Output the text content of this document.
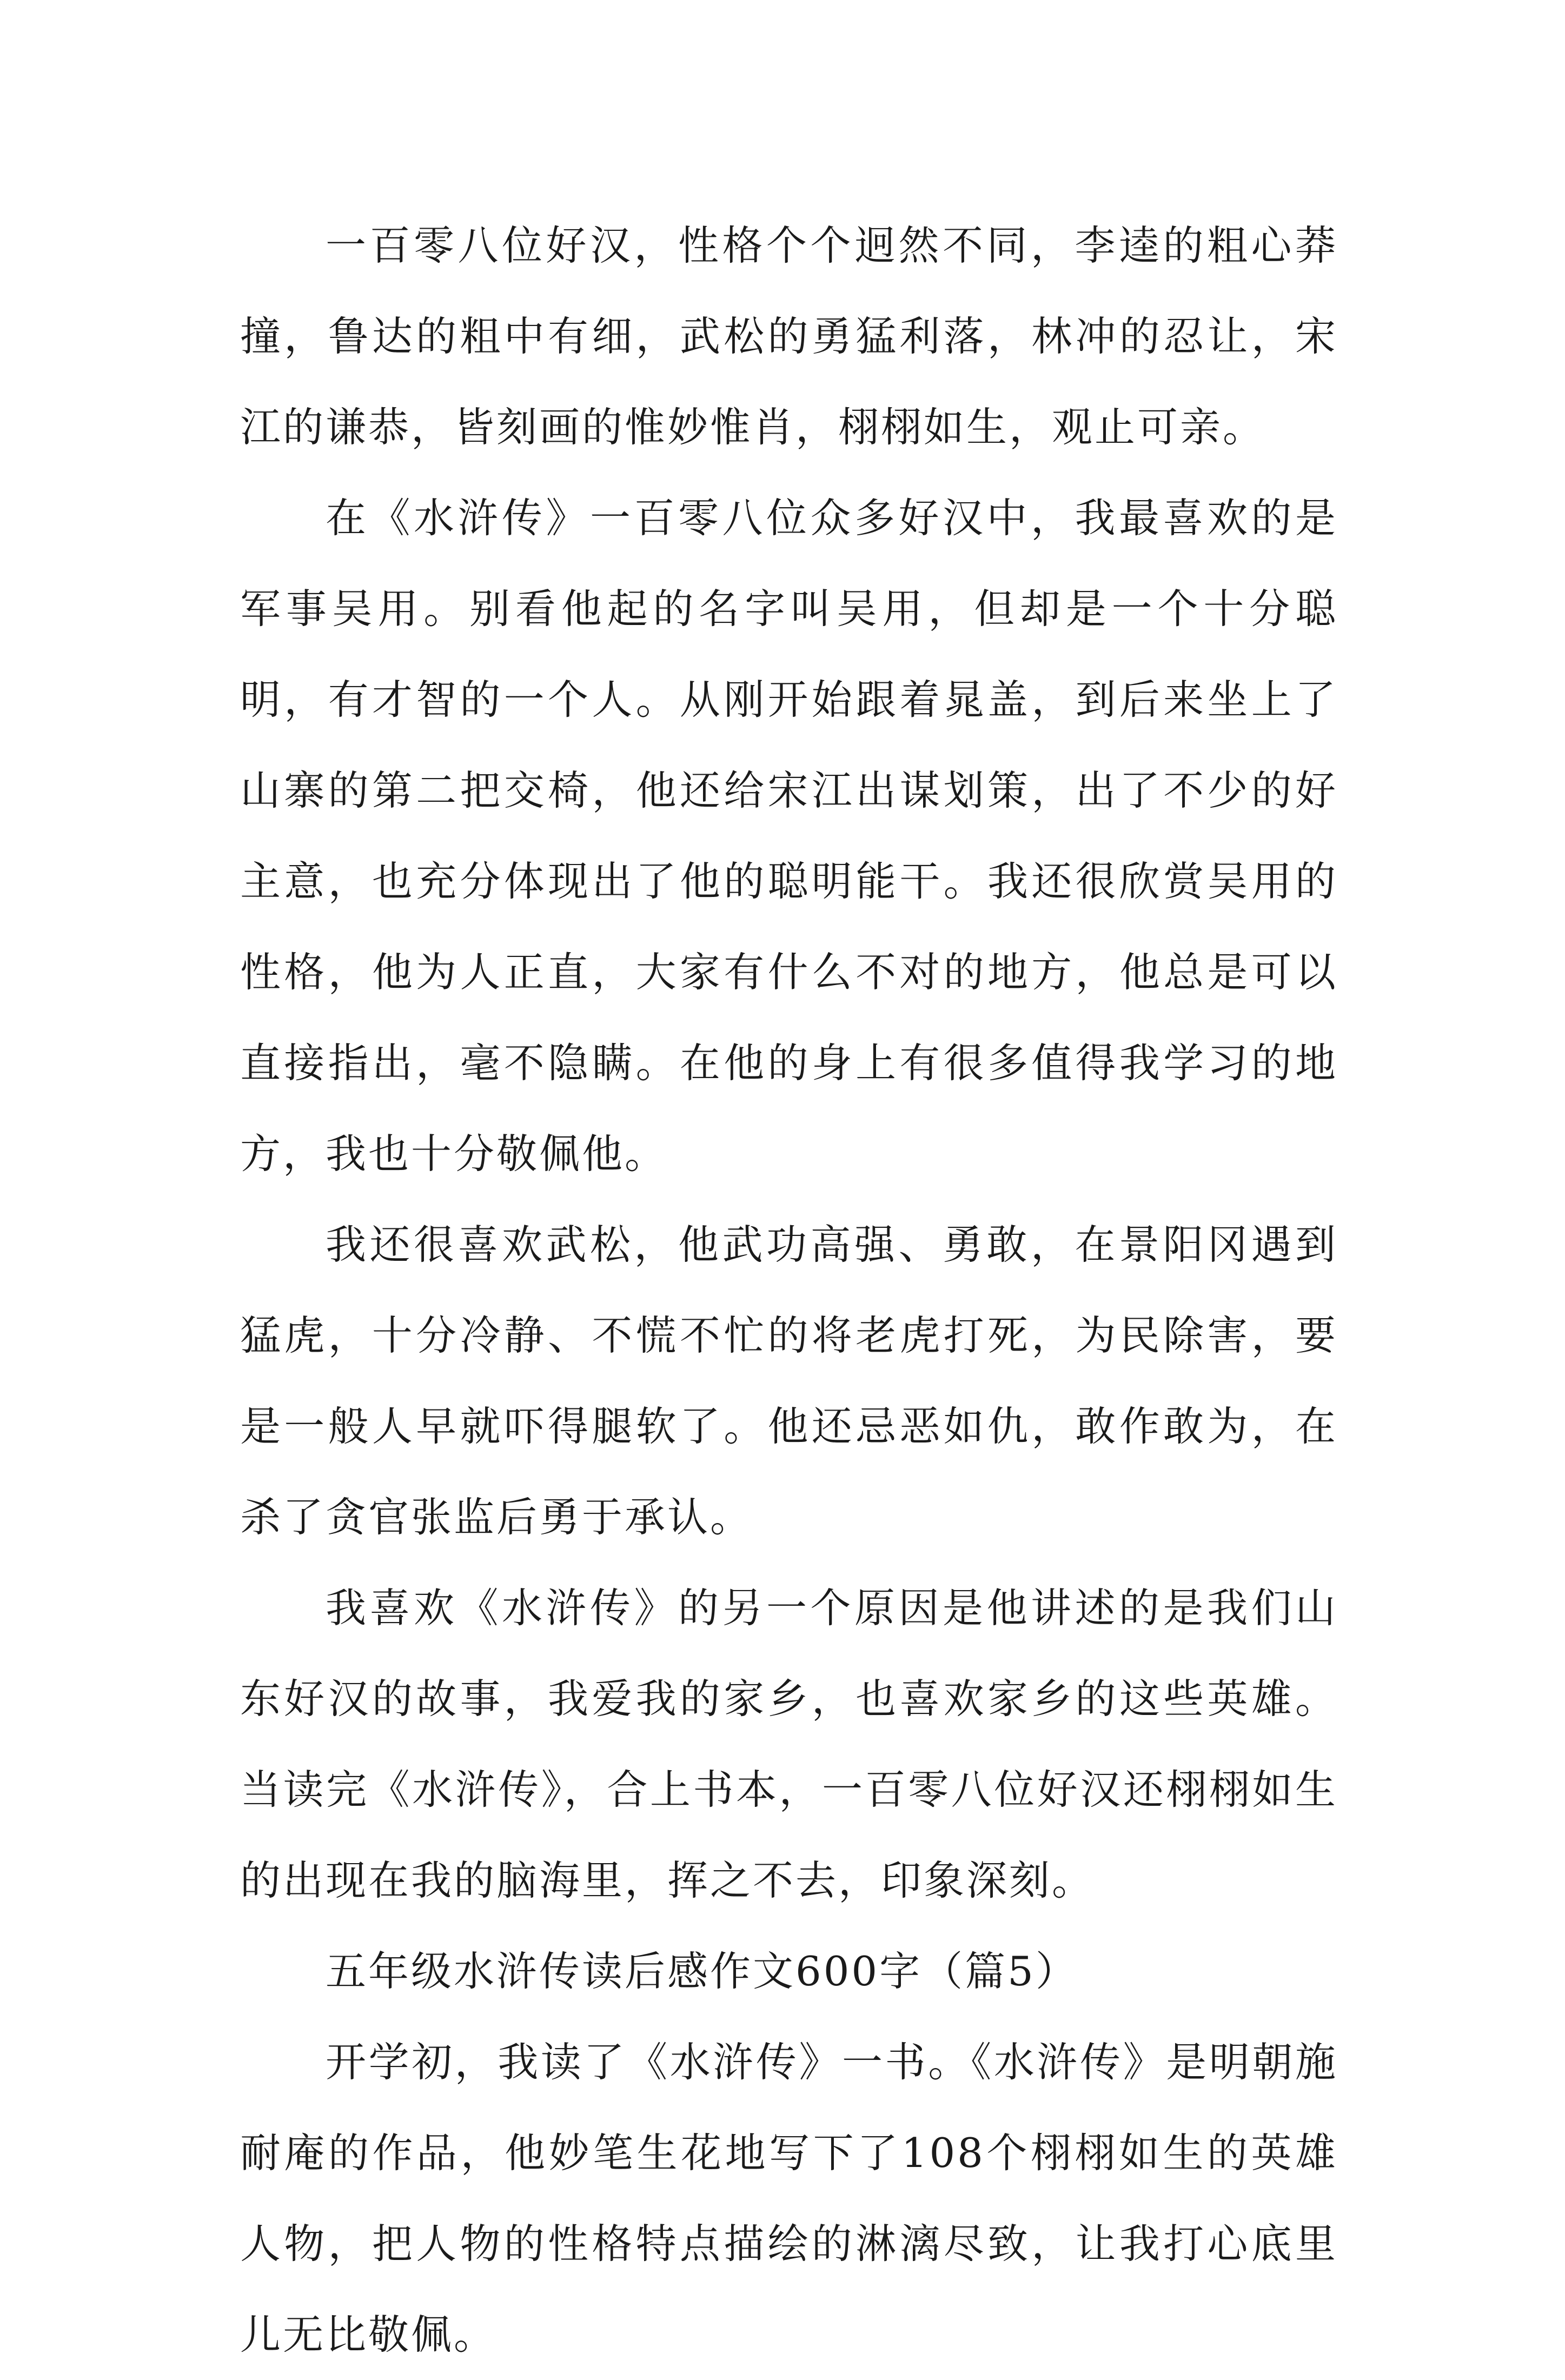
一百零八位好汉，性格个个迥然不同，李逵的粗心莽撞，鲁达的粗中有细，武松的勇猛利落，林冲的忍让，宋江的谦恭，皆刻画的惟妙惟肖，栩栩如生，观止可亲。

在《水浒传》一百零八位众多好汉中，我最喜欢的是军事吴用。别看他起的名字叫吴用，但却是一个十分聪明，有才智的一个人。从刚开始跟着晁盖，到后来坐上了山寨的第二把交椅，他还给宋江出谋划策，出了不少的好主意，也充分体现出了他的聪明能干。我还很欣赏吴用的性格，他为人正直，大家有什么不对的地方，他总是可以直接指出，毫不隐瞒。在他的身上有很多值得我学习的地方，我也十分敬佩他。

我还很喜欢武松，他武功高强、勇敢，在景阳冈遇到猛虎，十分冷静、不慌不忙的将老虎打死，为民除害，要是一般人早就吓得腿软了。他还忌恶如仇，敢作敢为，在杀了贪官张监后勇于承认。

我喜欢《水浒传》的另一个原因是他讲述的是我们山东好汉的故事，我爱我的家乡，也喜欢家乡的这些英雄。当读完《水浒传》，合上书本，一百零八位好汉还栩栩如生的出现在我的脑海里，挥之不去，印象深刻。

五年级水浒传读后感作文600字（篇5）

开学初，我读了《水浒传》一书。《水浒传》是明朝施耐庵的作品，他妙笔生花地写下了108个栩栩如生的英雄人物，把人物的性格特点描绘的淋漓尽致，让我打心底里儿无比敬佩。
